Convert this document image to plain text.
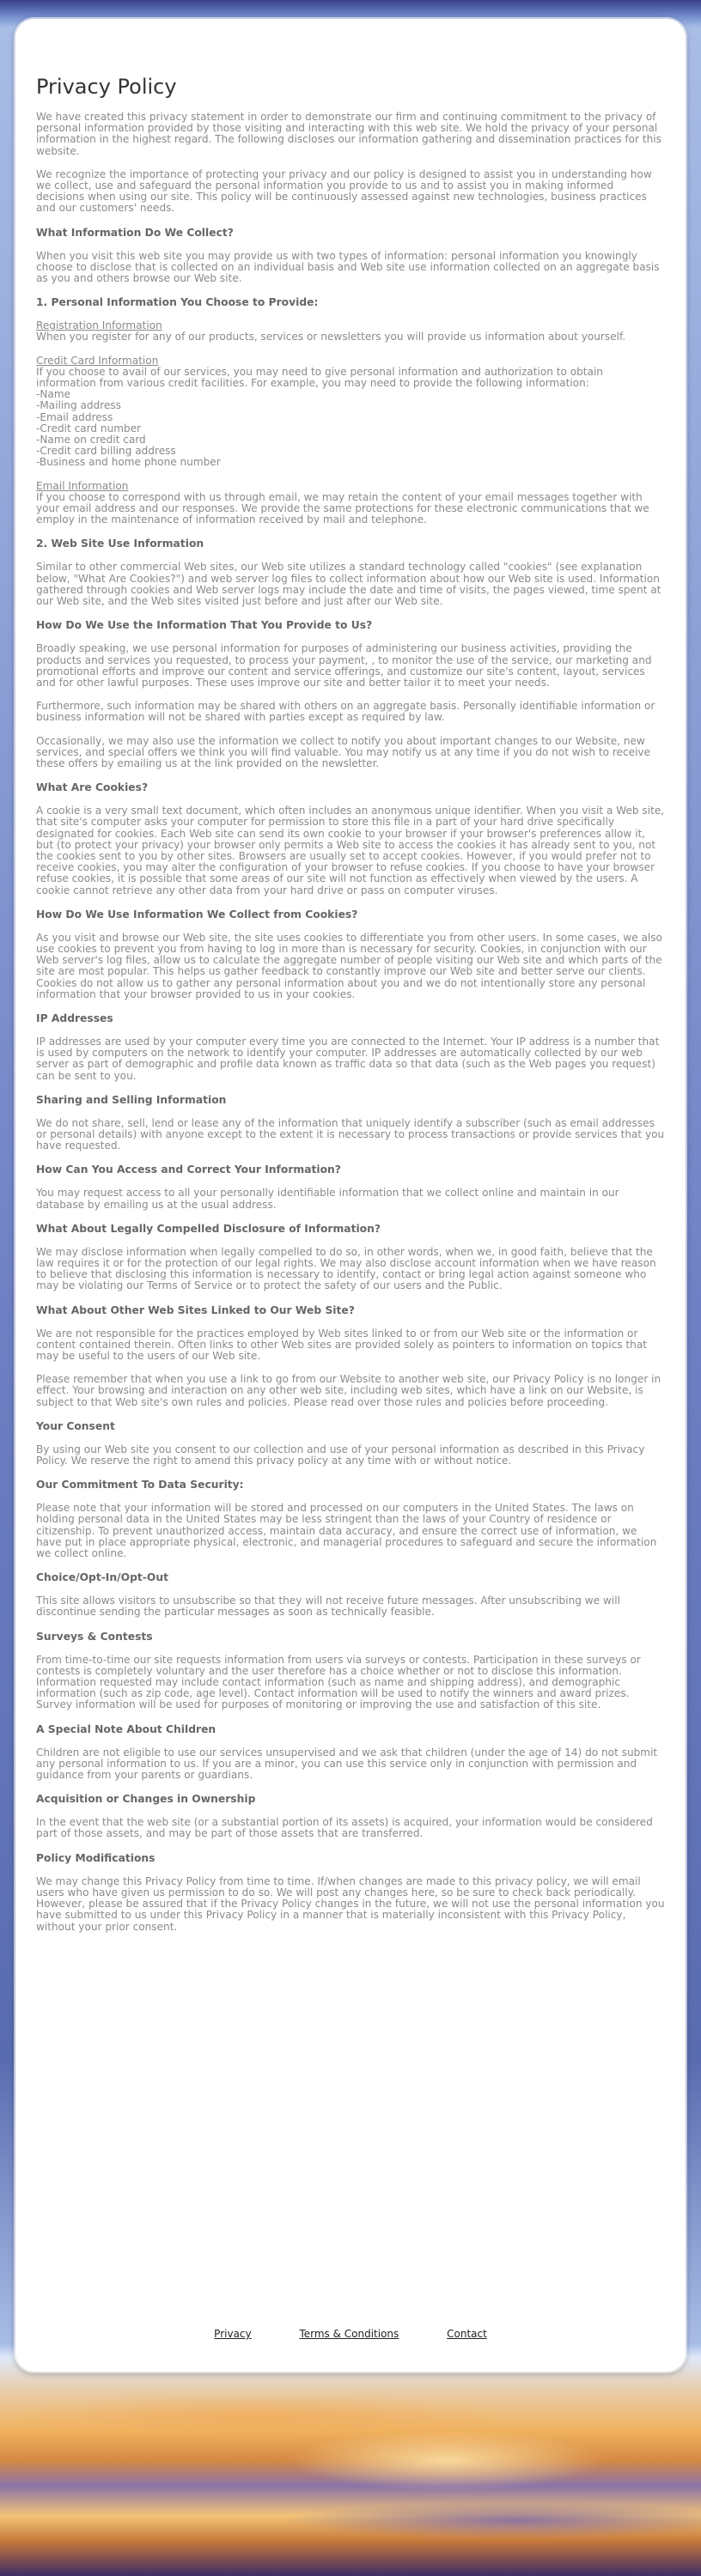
Privacy Policy

We have created this privacy statement in order to demonstrate our firm and continuing commitment to the privacy of personal information provided by those visiting and interacting with this web site. We hold the privacy of your personal information in the highest regard. The following discloses our information gathering and dissemination practices for this website.

We recognize the importance of protecting your privacy and our policy is designed to assist you in understanding how we collect, use and safeguard the personal information you provide to us and to assist you in making informed decisions when using our site. This policy will be continuously assessed against new technologies, business practices and our customers' needs.

What Information Do We Collect?

When you visit this web site you may provide us with two types of information: personal information you knowingly choose to disclose that is collected on an individual basis and Web site use information collected on an aggregate basis as you and others browse our Web site.

1. Personal Information You Choose to Provide:
Registration Information
When you register for any of our products, services or newsletters you will provide us information about yourself.
Credit Card Information
If you choose to avail of our services, you may need to give personal information and authorization to obtain information from various credit facilities. For example, you may need to provide the following information:
-Name
-Mailing address
-Email address
-Credit card number
-Name on credit card
-Credit card billing address
-Business and home phone number
Email Information
If you choose to correspond with us through email, we may retain the content of your email messages together with your email address and our responses. We provide the same protections for these electronic communications that we employ in the maintenance of information received by mail and telephone.
2. Web Site Use Information

Similar to other commercial Web sites, our Web site utilizes a standard technology called "cookies" (see explanation below, "What Are Cookies?") and web server log files to collect information about how our Web site is used. Information gathered through cookies and Web server logs may include the date and time of visits, the pages viewed, time spent at our Web site, and the Web sites visited just before and just after our Web site.

How Do We Use the Information That You Provide to Us?

Broadly speaking, we use personal information for purposes of administering our business activities, providing the products and services you requested, to process your payment, , to monitor the use of the service, our marketing and promotional efforts and improve our content and service offerings, and customize our site's content, layout, services and for other lawful purposes. These uses improve our site and better tailor it to meet your needs.

Furthermore, such information may be shared with others on an aggregate basis. Personally identifiable information or business information will not be shared with parties except as required by law.

Occasionally, we may also use the information we collect to notify you about important changes to our Website, new services, and special offers we think you will find valuable. You may notify us at any time if you do not wish to receive these offers by emailing us at the link provided on the newsletter.

What Are Cookies?

A cookie is a very small text document, which often includes an anonymous unique identifier. When you visit a Web site, that site's computer asks your computer for permission to store this file in a part of your hard drive specifically designated for cookies. Each Web site can send its own cookie to your browser if your browser's preferences allow it, but (to protect your privacy) your browser only permits a Web site to access the cookies it has already sent to you, not the cookies sent to you by other sites. Browsers are usually set to accept cookies. However, if you would prefer not to receive cookies, you may alter the configuration of your browser to refuse cookies. If you choose to have your browser refuse cookies, it is possible that some areas of our site will not function as effectively when viewed by the users. A cookie cannot retrieve any other data from your hard drive or pass on computer viruses.

How Do We Use Information We Collect from Cookies?

As you visit and browse our Web site, the site uses cookies to differentiate you from other users. In some cases, we also use cookies to prevent you from having to log in more than is necessary for security. Cookies, in conjunction with our Web server's log files, allow us to calculate the aggregate number of people visiting our Web site and which parts of the site are most popular. This helps us gather feedback to constantly improve our Web site and better serve our clients. Cookies do not allow us to gather any personal information about you and we do not intentionally store any personal information that your browser provided to us in your cookies.

IP Addresses

IP addresses are used by your computer every time you are connected to the Internet. Your IP address is a number that is used by computers on the network to identify your computer. IP addresses are automatically collected by our web server as part of demographic and profile data known as traffic data so that data (such as the Web pages you request) can be sent to you.

Sharing and Selling Information

We do not share, sell, lend or lease any of the information that uniquely identify a subscriber (such as email addresses or personal details) with anyone except to the extent it is necessary to process transactions or provide services that you have requested.

How Can You Access and Correct Your Information?

You may request access to all your personally identifiable information that we collect online and maintain in our database by emailing us at the usual address.

What About Legally Compelled Disclosure of Information?

We may disclose information when legally compelled to do so, in other words, when we, in good faith, believe that the law requires it or for the protection of our legal rights. We may also disclose account information when we have reason to believe that disclosing this information is necessary to identify, contact or bring legal action against someone who may be violating our Terms of Service or to protect the safety of our users and the Public.

What About Other Web Sites Linked to Our Web Site?

We are not responsible for the practices employed by Web sites linked to or from our Web site or the information or content contained therein. Often links to other Web sites are provided solely as pointers to information on topics that may be useful to the users of our Web site.

Please remember that when you use a link to go from our Website to another web site, our Privacy Policy is no longer in effect. Your browsing and interaction on any other web site, including web sites, which have a link on our Website, is subject to that Web site's own rules and policies. Please read over those rules and policies before proceeding.

Your Consent

By using our Web site you consent to our collection and use of your personal information as described in this Privacy Policy. We reserve the right to amend this privacy policy at any time with or without notice.

Our Commitment To Data Security:

Please note that your information will be stored and processed on our computers in the United States. The laws on holding personal data in the United States may be less stringent than the laws of your Country of residence or citizenship. To prevent unauthorized access, maintain data accuracy, and ensure the correct use of information, we have put in place appropriate physical, electronic, and managerial procedures to safeguard and secure the information we collect online.

Choice/Opt-In/Opt-Out

This site allows visitors to unsubscribe so that they will not receive future messages. After unsubscribing we will discontinue sending the particular messages as soon as technically feasible.

Surveys & Contests

From time-to-time our site requests information from users via surveys or contests. Participation in these surveys or contests is completely voluntary and the user therefore has a choice whether or not to disclose this information. Information requested may include contact information (such as name and shipping address), and demographic information (such as zip code, age level). Contact information will be used to notify the winners and award prizes. Survey information will be used for purposes of monitoring or improving the use and satisfaction of this site.

A Special Note About Children

Children are not eligible to use our services unsupervised and we ask that children (under the age of 14) do not submit any personal information to us. If you are a minor, you can use this service only in conjunction with permission and guidance from your parents or guardians.

Acquisition or Changes in Ownership

In the event that the web site (or a substantial portion of its assets) is acquired, your information would be considered part of those assets, and may be part of those assets that are transferred.

Policy Modifications

We may change this Privacy Policy from time to time. If/when changes are made to this privacy policy, we will email users who have given us permission to do so. We will post any changes here, so be sure to check back periodically. However, please be assured that if the Privacy Policy changes in the future, we will not use the personal information you have submitted to us under this Privacy Policy in a manner that is materially inconsistent with this Privacy Policy, without your prior consent.

Privacy	Terms & Conditions	Contact
